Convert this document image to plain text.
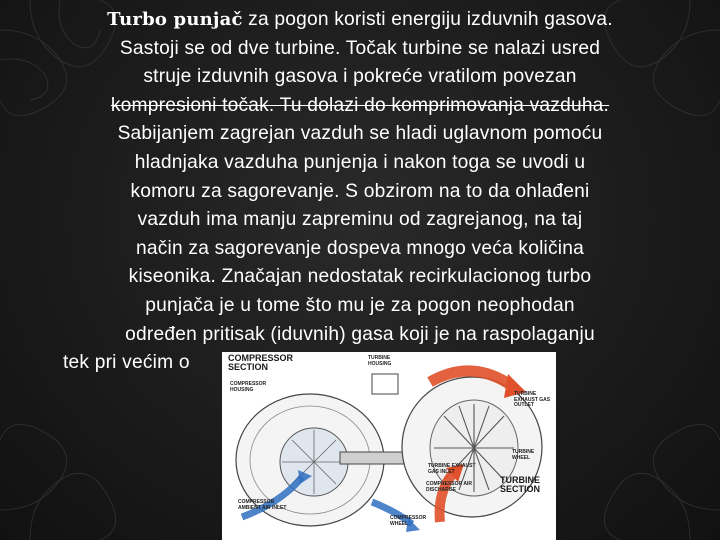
Turbo punjač za pogon koristi energiju izduvnih gasova.
Sastoji se od dve turbine. Točak turbine se nalazi usred
struje izduvnih gasova i pokreće vratilom povezan
kompresioni točak. Tu dolazi do komprimovanja vazduha.
Sabijanjem zagrejan vazduh se hladi uglavnom pomoću
hladnjaka vazduha punjenja i nakon toga se uvodi u
komoru za sagorevanje. S obzirom na to da ohlađeni
vazduh ima manju zapreminu od zagrejanog, na taj
način za sagorevanje dospeva mnogo veća količina
kiseonika. Značajan nedostatak recirkulacionog turbo
punjača je u tome što mu je za pogon neophodan
određen pritisak (iduvnih) gasa koji je na raspolaganju
tek pri većim o	COMPRESSOR SECTION
COMPRESSOR HOUSING
TURBINE HOUSING
TURBINE EXHAUST GAS OUTLET
TURBINE WHEEL
TURBINE EXHAUST GAS INLET
COMPRESSOR AIR DISCHARGE
TURBINE SECTION
COMPRESSOR AMBIENT AIR INLET
COMPRESSOR WHEEL
